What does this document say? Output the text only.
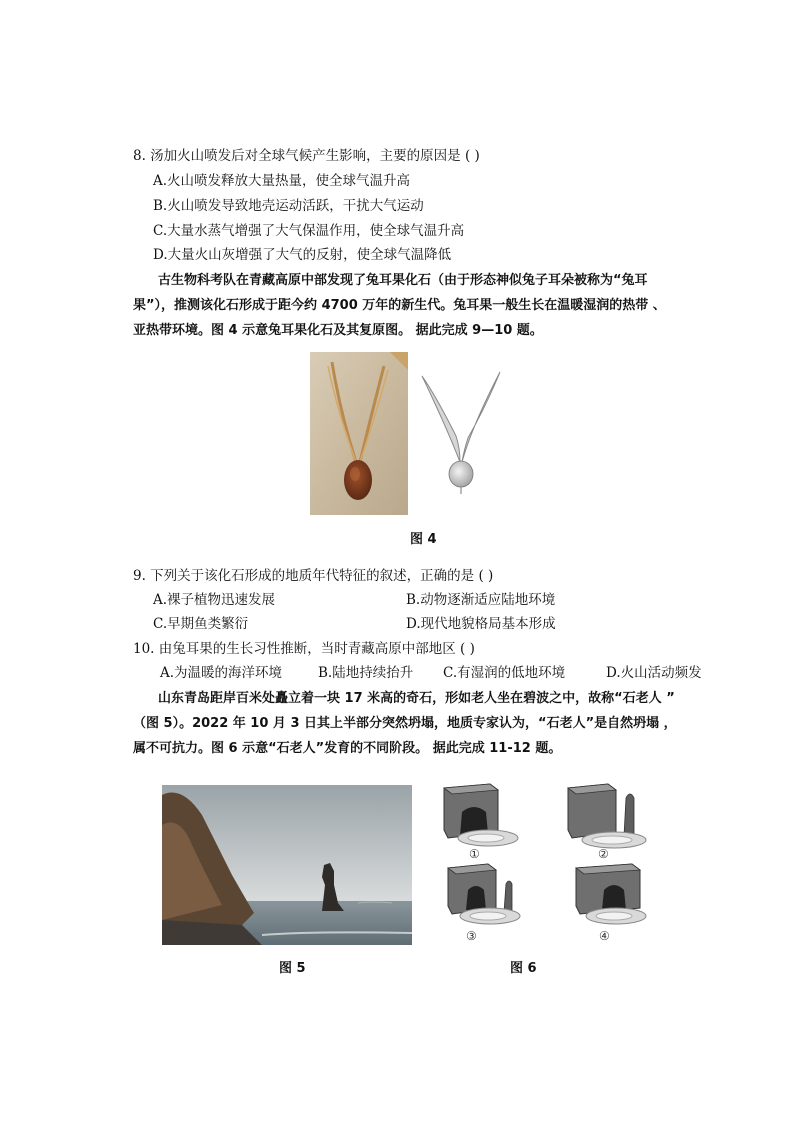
8. 汤加火山喷发后对全球气候产生影响，主要的原因是 ( )
A.火山喷发释放大量热量，使全球气温升高
B.火山喷发导致地壳运动活跃，干扰大气运动
C.大量水蒸气增强了大气保温作用，使全球气温升高
D.大量火山灰增强了大气的反射，使全球气温降低
古生物科考队在青藏高原中部发现了兔耳果化石（由于形态神似兔子耳朵被称为“兔耳
果”），推测该化石形成于距今约 4700 万年的新生代。兔耳果一般生长在温暖湿润的热带 、
亚热带环境。图 4 示意兔耳果化石及其复原图。 据此完成 9—10 题。
图 4
9. 下列关于该化石形成的地质年代特征的叙述，正确的是 ( )
A.裸子植物迅速发展	B.动物逐渐适应陆地环境
C.早期鱼类繁衍	D.现代地貌格局基本形成
10. 由兔耳果的生长习性推断，当时青藏高原中部地区 ( )
A.为温暖的海洋环境	B.陆地持续抬升 C.有湿润的低地环境	D.火山活动频发
山东青岛距岸百米处矗立着一块 17 米高的奇石，形如老人坐在碧波之中，故称“石老人 ”
（图 5）。2022 年 10 月 3 日其上半部分突然坍塌，地质专家认为，“石老人”是自然坍塌 ，
属不可抗力。图 6 示意“石老人”发育的不同阶段。 据此完成 11-12 题。
①	②
③	④
图 5	图 6
